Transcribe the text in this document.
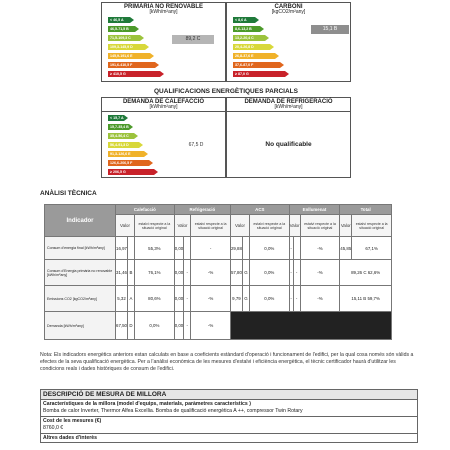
PRIMÀRIA NO RENOVABLE
[kWh/m²any]
< 46,5 A
46,5-71,5 B
71,5-109,3 C
109,3-145,9 D
145,9-191,6 E
191,6-410,5 F
≥ 410,5 G
89,2 C
CARBONI
[kgCO2/m²any]
< 8,6 A
8,6-13,2 B
13,2-20,4 C
20,4-26,8 D
26,8-37,6 E
37,6-87,0 F
≥ 87,0 G
15,1 B
QUALIFICACIONS ENERGÈTIQUES PARCIALS
DEMANDA DE CALEFACCIÓ
[kWh/m²any]
< 15,7 A
15,7-35,4 B
35,4-56,4 C
56,4-91,3 D
91,3-126,6 E
126,6-206,5 F
≥ 206,5 G
67,5 D
DEMANDA DE REFRIGERACIÓ
[kWh/m²any]
No qualificable
ANÀLISI TÈCNICA
Indicador	Calefacció			Refrigeració			ACS			Enllumenat			Total	
	Valor		estalvi respecte a la situació original	Valor		estalvi respecte a la situació original	Valor		estalvi respecte a la situació original	Valor		estalvi respecte a la situació original	Valor	estalvi respecte a la situació original
Consum d'energia final [kWh/m²any]	16,97		55,3%	0,00		-	29,88		0,0%	-		-%	45,85	67,1%
Consum d'Energia primària no renovable [kWh/m²any]	31,46	B	76,1%	0,00	-	-%	57,80	G	0,0%	-	-	-%	89,26 C 62,6%	
Emissions CO2 [kgCO2/m²any]	5,32	A	80,6%	0,00	-	-%	9,79	G	0,0%	-	-	-%	15,11 B 59,7%	
Demanda [kWh/m²any]	67,50	D	0,0%	0,00	-	-%								
Nota: Els indicadors energètics anteriors estan calculats en base a coeficients estàndard d'operació i funcionament de l'edifici, per la qual cosa només són vàlids a efectes de la seva qualificació energètica. Per a l'anàlisi econòmica de les mesures d'estalvi i eficiència energètica, el tècnic certificador haurà d'utilitzar les condicions reals i dades històriques de consum de l'edifici.
DESCRIPCIÓ DE MESURA DE MILLORA

Característiques de la millora (model d'equips, materials, paràmetres característics )
Bomba de calor Inverter, Thermor Alfea Excellia. Bomba de qualificació energètica A ++, compressor Twin Rotary

Cost de les mesures (€)
8760,0 €

Altres dades d'interès
